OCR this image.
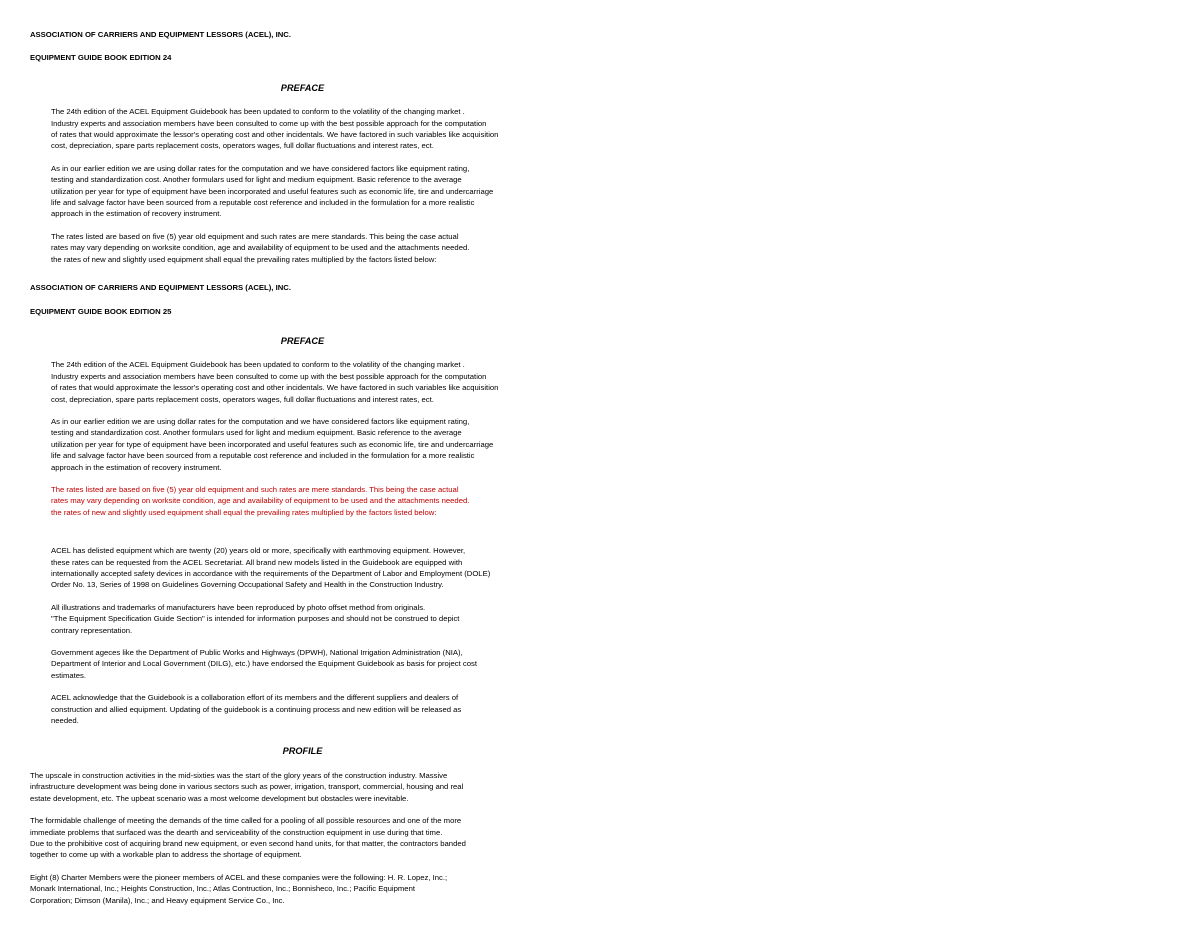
ASSOCIATION OF CARRIERS AND EQUIPMENT LESSORS (ACEL), INC.
EQUIPMENT GUIDE BOOK EDITION 24
PREFACE

The 24th edition of the ACEL Equipment Guidebook has been updated to conform to the volatility of the changing market .
Industry experts and association members have been consulted to come up with the best possible approach for the computation
of rates that would approximate the lessor's operating cost and other incidentals. We have factored in such variables like acquisition
cost, depreciation, spare parts replacement costs, operators wages, full dollar fluctuations and interest rates, ect.

As in our earlier edition we are using dollar rates for the computation and we have considered factors like equipment rating,
testing and standardization cost. Another formulars used for light and medium equipment. Basic reference to the average
utilization per year for type of equipment have been incorporated and useful features such as economic life, tire and undercarriage
life and salvage factor have been sourced from a reputable cost reference and included in the formulation for a more realistic
approach in the estimation of recovery instrument.

The rates listed are based on five (5) year old equipment and such rates are mere standards. This being the case actual
rates may vary depending on worksite condition, age and availability of equipment to be used and the attachments needed.
the rates of new and slightly used equipment shall equal the prevailing rates multiplied by the factors listed below:

ASSOCIATION OF CARRIERS AND EQUIPMENT LESSORS (ACEL), INC.
EQUIPMENT GUIDE BOOK EDITION 25
PREFACE

The 24th edition of the ACEL Equipment Guidebook has been updated to conform to the volatility of the changing market .
Industry experts and association members have been consulted to come up with the best possible approach for the computation
of rates that would approximate the lessor's operating cost and other incidentals. We have factored in such variables like acquisition
cost, depreciation, spare parts replacement costs, operators wages, full dollar fluctuations and interest rates, ect.

As in our earlier edition we are using dollar rates for the computation and we have considered factors like equipment rating,
testing and standardization cost. Another formulars used for light and medium equipment. Basic reference to the average
utilization per year for type of equipment have been incorporated and useful features such as economic life, tire and undercarriage
life and salvage factor have been sourced from a reputable cost reference and included in the formulation for a more realistic
approach in the estimation of recovery instrument.

The rates listed are based on five (5) year old equipment and such rates are mere standards. This being the case actual
rates may vary depending on worksite condition, age and availability of equipment to be used and the attachments needed.
the rates of new and slightly used equipment shall equal the prevailing rates multiplied by the factors listed below:

ACEL has delisted equipment which are twenty (20) years old or more, specifically with earthmoving equipment. However,
these rates can be requested from the ACEL Secretariat. All brand new models listed in the Guidebook are equipped with
internationally accepted safety devices in accordance with the requirements of the Department of Labor and Employment (DOLE)
Order No. 13, Series of 1998 on Guidelines Governing Occupational Safety and Health in the Construction Industry.

All illustrations and trademarks of manufacturers have been reproduced by photo offset method from originals.
"The Equipment Specification Guide Section" is intended for information purposes and should not be construed to depict
contrary representation.

Government ageces like the Department of Public Works and Highways (DPWH), National Irrigation Administration (NIA),
Department of Interior and Local Government (DILG), etc.) have endorsed the Equipment Guidebook as basis for project cost
estimates.

ACEL acknowledge that the Guidebook is a collaboration effort of its members and the different suppliers and dealers of
construction and allied equipment. Updating of the guidebook is a continuing process and new edition will be released as
needed.

PROFILE

The upscale in construction activities in the mid-sixties was the start of the glory years of the construction industry. Massive
infrastructure development was being done in various sectors such as power, irrigation, transport, commercial, housing and real
estate development, etc. The upbeat scenario was a most welcome development but obstacles were inevitable.

The formidable challenge of meeting the demands of the time called for a pooling of all possible resources and one of the more
immediate problems that surfaced was the dearth and serviceability of the construction equipment in use during that time.
Due to the prohibitive cost of acquiring brand new equipment, or even second hand units, for that matter, the contractors banded
together to come up with a workable plan to address the shortage of equipment.

Eight (8) Charter Members were the pioneer members of ACEL and these companies were the following: H. R. Lopez, Inc.;
Monark International, Inc.; Heights Construction, Inc.; Atlas Contruction, Inc.; Bonnisheco, Inc.; Pacific Equipment
Corporation; Dimson (Manila), Inc.; and Heavy equipment Service Co., Inc.
